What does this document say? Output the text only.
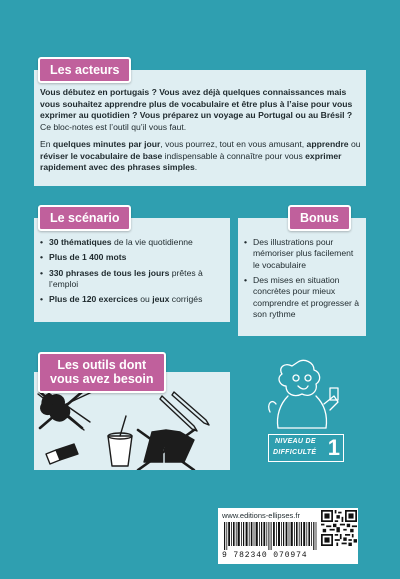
Les acteurs

Vous débutez en portugais ? Vous avez déjà quelques connaissances mais vous souhaitez apprendre plus de vocabulaire et être plus à l’aise pour vous exprimer au quotidien ? Vous préparez un voyage au Portugal ou au Brésil ? Ce bloc-notes est l’outil qu’il vous faut.

En quelques minutes par jour, vous pourrez, tout en vous amusant, apprendre ou réviser le vocabulaire de base indispensable à connaître pour vous exprimer rapidement avec des phrases simples.

Le scénario
• 30 thématiques de la vie quotidienne
• Plus de 1 400 mots
• 330 phrases de tous les jours prêtes à l’emploi
• Plus de 120 exercices ou jeux corrigés
Bonus
• Des illustrations pour mémoriser plus facilement le vocabulaire
• Des mises en situation concrètes pour mieux comprendre et progresser à son rythme
Les outils dont
vous avez besoin
NIVEAU DE
DIFFICULTÉ 1
www.editions-ellipses.fr
9 782340 070974
